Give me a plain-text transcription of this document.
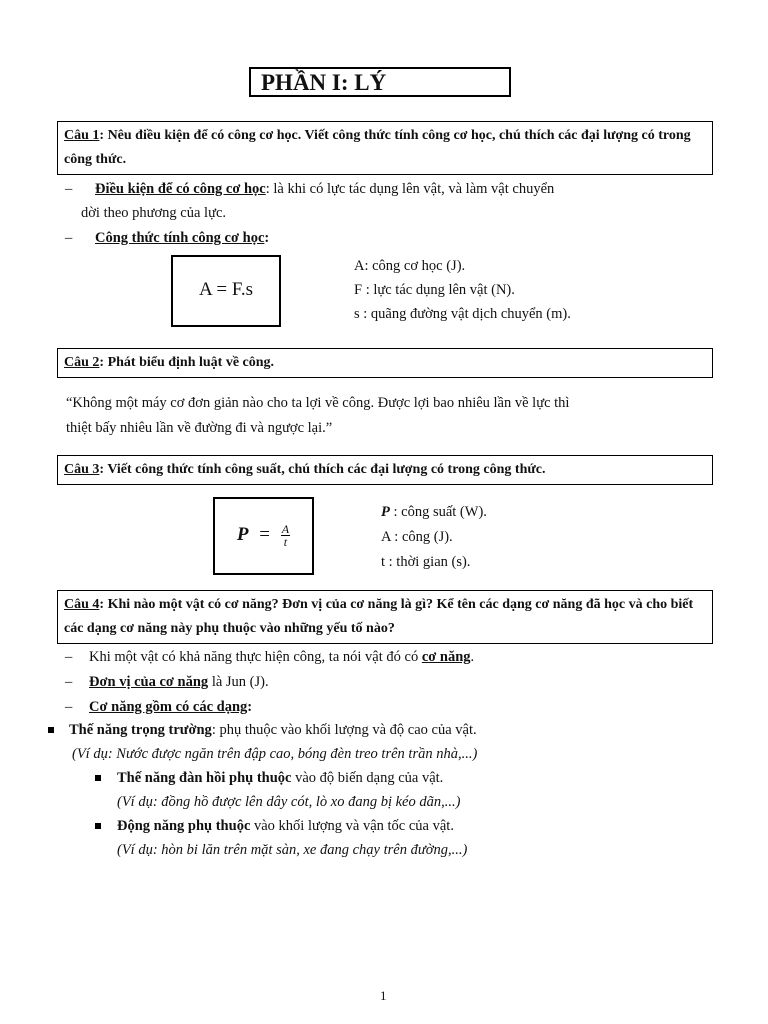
PHẦN I: LÝ
Câu 1: Nêu điều kiện để có công cơ học. Viết công thức tính công cơ học, chú thích các đại lượng có trong công thức.
– Điều kiện để có công cơ học: là khi có lực tác dụng lên vật, và làm vật chuyển
dời theo phương của lực.
– Công thức tính công cơ học:
A = F.s
A: công cơ học (J).
F : lực tác dụng lên vật (N).
s : quãng đường vật dịch chuyển (m).
Câu 2: Phát biểu định luật về công.
“Không một máy cơ đơn giản nào cho ta lợi về công. Được lợi bao nhiêu lần về lực thì
thiệt bấy nhiêu lần về đường đi và ngược lại.”
Câu 3: Viết công thức tính công suất, chú thích các đại lượng có trong công thức.
$P = \frac{A}{t}$
P : công suất (W).
A : công (J).
t : thời gian (s).
Câu 4: Khi nào một vật có cơ năng? Đơn vị của cơ năng là gì? Kể tên các dạng cơ năng đã học và cho biết các dạng cơ năng này phụ thuộc vào những yếu tố nào?
– Khi một vật có khả năng thực hiện công, ta nói vật đó có cơ năng.
– Đơn vị của cơ năng là Jun (J).
– Cơ năng gồm có các dạng:
Thế năng trọng trường: phụ thuộc vào khối lượng và độ cao của vật.
(Ví dụ: Nước được ngăn trên đập cao, bóng đèn treo trên trần nhà,...)
Thế năng đàn hồi phụ thuộc vào độ biến dạng của vật.
(Ví dụ: đồng hồ được lên dây cót, lò xo đang bị kéo dãn,...)
Động năng phụ thuộc vào khối lượng và vận tốc của vật.
(Ví dụ: hòn bi lăn trên mặt sàn, xe đang chạy trên đường,...)
1
